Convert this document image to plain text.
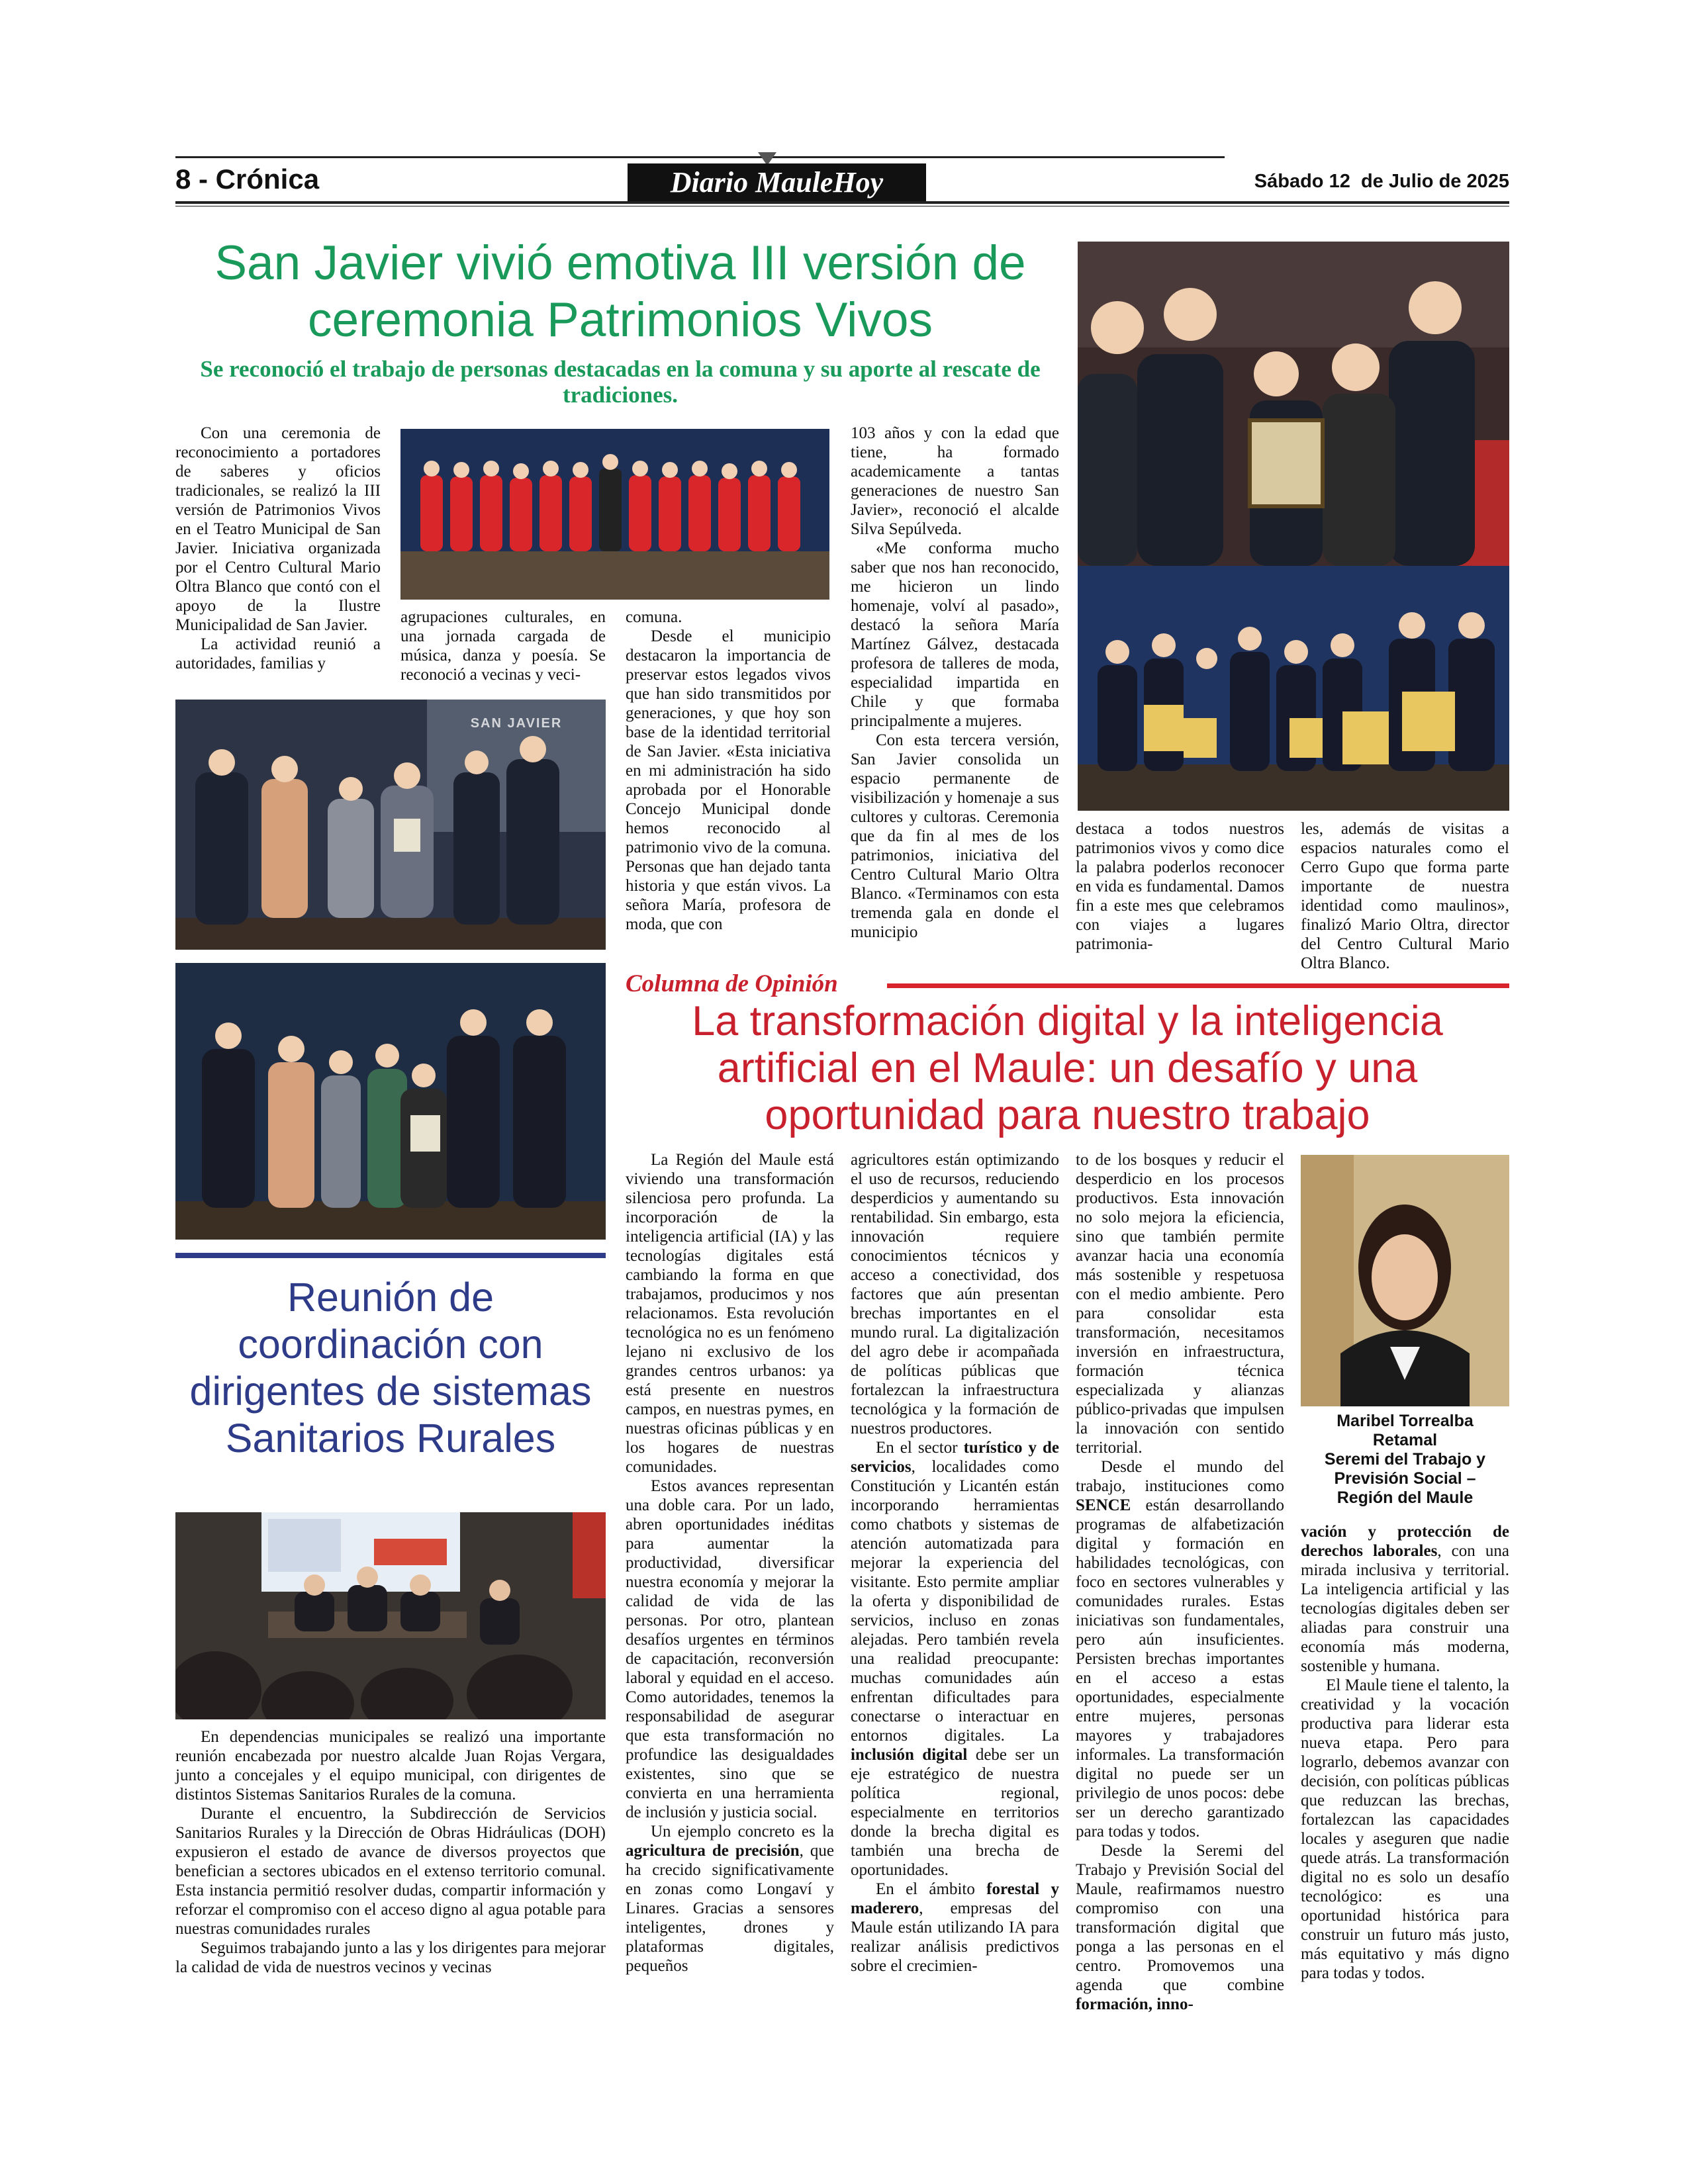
8 - Crónica	Diario MauleHoy	Sábado 12  de Julio de 2025
San Javier vivió emotiva III versión de ceremonia Patrimonios Vivos
Se reconoció el trabajo de personas destacadas en la comuna y su aporte al rescate de tradiciones.

Con una ceremonia de reconocimiento a portadores de saberes y oficios tradicionales, se realizó la III versión de Patrimonios Vivos en el Teatro Municipal de San Javier. Iniciativa organizada por el Centro Cultural Mario Oltra Blanco que contó con el apoyo de la Ilustre Municipalidad de San Javier.

La actividad reunió a autoridades, familias y

agrupaciones culturales, en una jornada cargada de música, danza y poesía. Se reconoció a vecinas y veci-

comuna.

Desde el municipio destacaron la importancia de preservar estos legados vivos que han sido transmitidos por generaciones, y que hoy son base de la identidad territorial de San Javier. «Esta iniciativa en mi administración ha sido aprobada por el Honorable Concejo Municipal donde hemos reconocido al patrimonio vivo de la comuna. Personas que han dejado tanta historia y que están vivos. La señora María, profesora de moda, que con

103 años y con la edad que tiene, ha formado academicamente a tantas generaciones de nuestro San Javier», reconoció el alcalde Silva Sepúlveda.

«Me conforma mucho saber que nos han reconocido, me hicieron un lindo homenaje, volví al pasado», destacó la señora María Martínez Gálvez, destacada profesora de talleres de moda, especialidad impartida en Chile y que formaba principalmente a mujeres.

Con esta tercera versión, San Javier consolida un espacio permanente de visibilización y homenaje a sus cultores y cultoras. Ceremonia que da fin al mes de los patrimonios, iniciativa del Centro Cultural Mario Oltra Blanco. «Terminamos con esta tremenda gala en donde el municipio

destaca a todos nuestros patrimonios vivos y como dice la palabra poderlos reconocer en vida es fundamental. Damos fin a este mes que celebramos con viajes a lugares patrimonia-

les, además de visitas a espacios naturales como el Cerro Gupo que forma parte importante de nuestra identidad como maulinos», finalizó Mario Oltra, director del Centro Cultural Mario Oltra Blanco.

SAN JAVIER
Columna de Opinión
La transformación digital y la inteligencia artificial en el Maule: un desafío y una oportunidad para nuestro trabajo

La Región del Maule está viviendo una transformación silenciosa pero profunda. La incorporación de la inteligencia artificial (IA) y las tecnologías digitales está cambiando la forma en que trabajamos, producimos y nos relacionamos. Esta revolución tecnológica no es un fenómeno lejano ni exclusivo de los grandes centros urbanos: ya está presente en nuestros campos, en nuestras pymes, en nuestras oficinas públicas y en los hogares de nuestras comunidades.

Estos avances representan una doble cara. Por un lado, abren oportunidades inéditas para aumentar la productividad, diversificar nuestra economía y mejorar la calidad de vida de las personas. Por otro, plantean desafíos urgentes en términos de capacitación, reconversión laboral y equidad en el acceso. Como autoridades, tenemos la responsabilidad de asegurar que esta transformación no profundice las desigualdades existentes, sino que se convierta en una herramienta de inclusión y justicia social.

Un ejemplo concreto es la agricultura de precisión, que ha crecido significativamente en zonas como Longaví y Linares. Gracias a sensores inteligentes, drones y plataformas digitales, pequeños

agricultores están optimizando el uso de recursos, reduciendo desperdicios y aumentando su rentabilidad. Sin embargo, esta innovación requiere conocimientos técnicos y acceso a conectividad, dos factores que aún presentan brechas importantes en el mundo rural. La digitalización del agro debe ir acompañada de políticas públicas que fortalezcan la infraestructura tecnológica y la formación de nuestros productores.

En el sector turístico y de servicios, localidades como Constitución y Licantén están incorporando herramientas como chatbots y sistemas de atención automatizada para mejorar la experiencia del visitante. Esto permite ampliar la oferta y disponibilidad de servicios, incluso en zonas alejadas. Pero también revela una realidad preocupante: muchas comunidades aún enfrentan dificultades para conectarse o interactuar en entornos digitales. La inclusión digital debe ser un eje estratégico de nuestra política regional, especialmente en territorios donde la brecha digital es también una brecha de oportunidades.

En el ámbito forestal y maderero, empresas del Maule están utilizando IA para realizar análisis predictivos sobre el crecimien-

to de los bosques y reducir el desperdicio en los procesos productivos. Esta innovación no solo mejora la eficiencia, sino que también permite avanzar hacia una economía más sostenible y respetuosa con el medio ambiente. Pero para consolidar esta transformación, necesitamos inversión en infraestructura, formación técnica especializada y alianzas público-privadas que impulsen la innovación con sentido territorial.

Desde el mundo del trabajo, instituciones como SENCE están desarrollando programas de alfabetización digital y formación en habilidades tecnológicas, con foco en sectores vulnerables y comunidades rurales. Estas iniciativas son fundamentales, pero aún insuficientes. Persisten brechas importantes en el acceso a estas oportunidades, especialmente entre mujeres, personas mayores y trabajadores informales. La transformación digital no puede ser un privilegio de unos pocos: debe ser un derecho garantizado para todas y todos.

Desde la Seremi del Trabajo y Previsión Social del Maule, reafirmamos nuestro compromiso con una transformación digital que ponga a las personas en el centro. Promovemos una agenda que combine formación, inno-

Maribel Torrealba
Retamal
Seremi del Trabajo y
Previsión Social –
Región del Maule

vación y protección de derechos laborales, con una mirada inclusiva y territorial. La inteligencia artificial y las tecnologías digitales deben ser aliadas para construir una economía más moderna, sostenible y humana.

El Maule tiene el talento, la creatividad y la vocación productiva para liderar esta nueva etapa. Pero para lograrlo, debemos avanzar con decisión, con políticas públicas que reduzcan las brechas, fortalezcan las capacidades locales y aseguren que nadie quede atrás. La transformación digital no es solo un desafío tecnológico: es una oportunidad histórica para construir un futuro más justo, más equitativo y más digno para todas y todos.

Reunión de coordinación con dirigentes de sistemas Sanitarios Rurales

En dependencias municipales se realizó una importante reunión encabezada por nuestro alcalde Juan Rojas Vergara, junto a concejales y el equipo municipal, con dirigentes de distintos Sistemas Sanitarios Rurales de la comuna.

Durante el encuentro, la Subdirección de Servicios Sanitarios Rurales y la Dirección de Obras Hidráulicas (DOH) expusieron el estado de avance de diversos proyectos que benefician a sectores ubicados en el extenso territorio comunal. Esta instancia permitió resolver dudas, compartir información y reforzar el compromiso con el acceso digno al agua potable para nuestras comunidades rurales

Seguimos trabajando junto a las y los dirigentes para mejorar la calidad de vida de nuestros vecinos y vecinas
